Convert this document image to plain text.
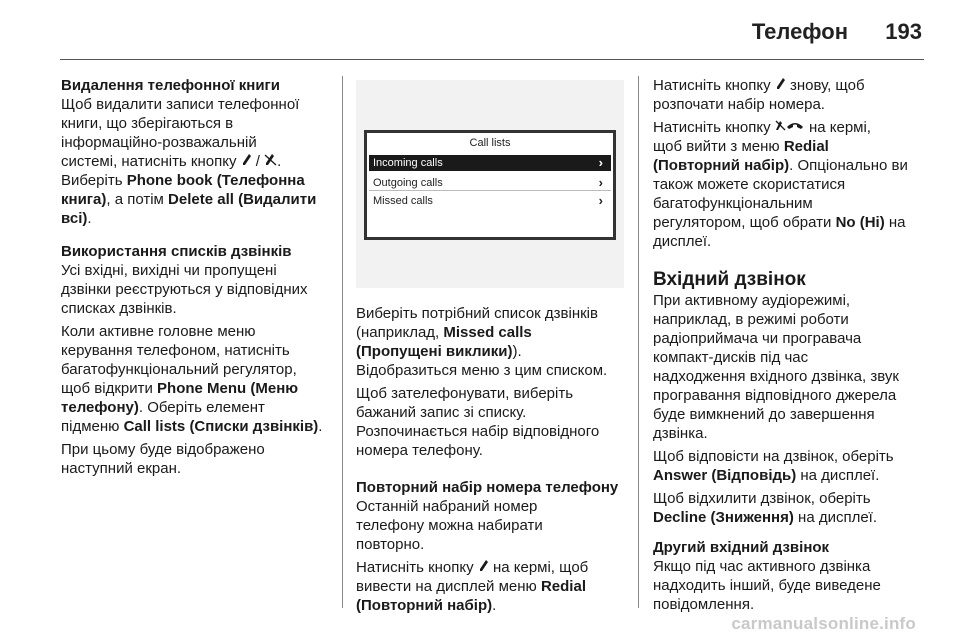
Телефон 193

Видалення телефонної книги

Щоб видалити записи телефонної
книги, що зберігаються в
інформаційно-розважальній
системі, натисніть кнопку  / .
Виберіть Phone book (Телефонна
книга), а потім Delete all (Видалити
всі).

Використання списків дзвінків

Усі вхідні, вихідні чи пропущені
дзвінки реєструються у відповідних
списках дзвінків.
Коли активне головне меню
керування телефоном, натисніть
багатофункціональний регулятор,
щоб відкрити Phone Menu (Меню
телефону). Оберіть елемент
підменю Call lists (Списки дзвінків).
При цьому буде відображено
наступний екран.
Call lists
Incoming calls	›
Outgoing calls	›
Missed calls	›
Виберіть потрібний список дзвінків
(наприклад, Missed calls
(Пропущені виклики)).
Відобразиться меню з цим списком.
Щоб зателефонувати, виберіть
бажаний запис зі списку.
Розпочинається набір відповідного
номера телефону.

Повторний набір номера телефону

Останній набраний номер
телефону можна набирати
повторно.
Натисніть кнопку на кермі, щоб
вивести на дисплей меню Redial
(Повторний набір).
Натисніть кнопку знову, щоб
розпочати набір номера.
Натисніть кнопку	на кермі,
щоб вийти з меню Redial
(Повторний набір). Опціонально ви
також можете скористатися
багатофункціональним
регулятором, щоб обрати No (Ні) на
дисплеї.

Вхідний дзвінок

При активному аудіорежимі,
наприклад, в режимі роботи
радіоприймача чи програвача
компакт-дисків під час
надходження вхідного дзвінка, звук
програвання відповідного джерела
буде вимкнений до завершення
дзвінка.
Щоб відповісти на дзвінок, оберіть
Answer (Відповідь) на дисплеї.
Щоб відхилити дзвінок, оберіть
Decline (Зниження) на дисплеї.

Другий вхідний дзвінок

Якщо під час активного дзвінка
надходить інший, буде виведене
повідомлення.
carmanualsonline.info
